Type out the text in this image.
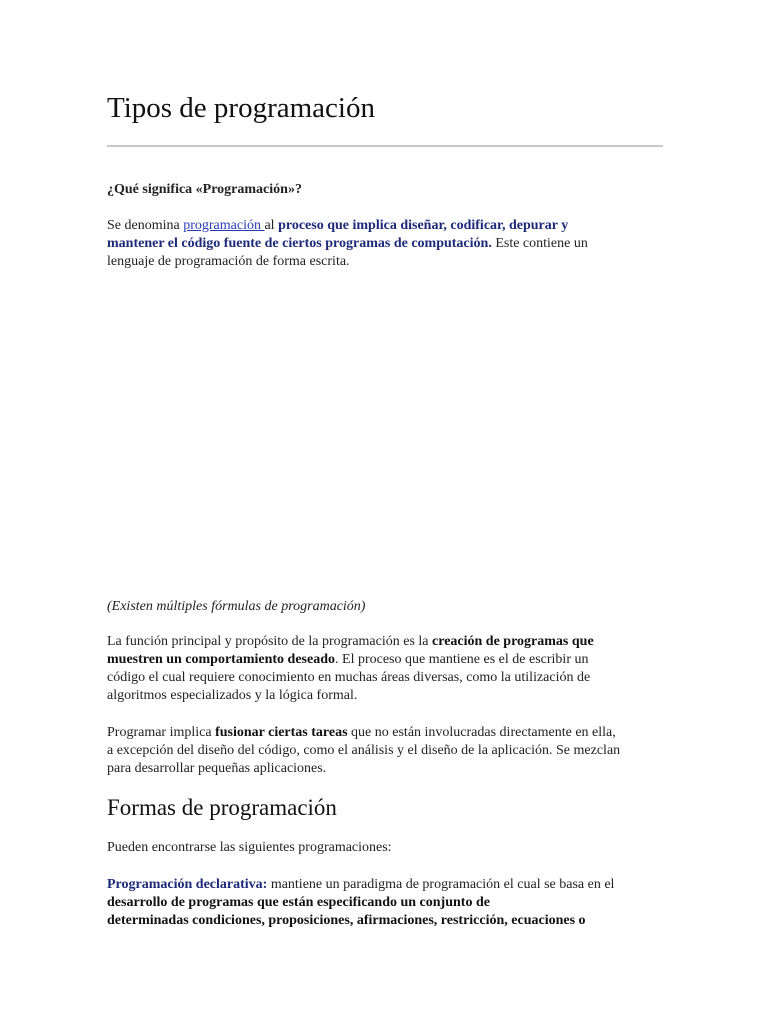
Tipos de programación

¿Qué significa «Programación»?

Se denomina programación al proceso que implica diseñar, codificar, depurar y
mantener el código fuente de ciertos programas de computación. Este contiene un
lenguaje de programación de forma escrita.

(Existen múltiples fórmulas de programación)

La función principal y propósito de la programación es la creación de programas que
muestren un comportamiento deseado. El proceso que mantiene es el de escribir un
código el cual requiere conocimiento en muchas áreas diversas, como la utilización de
algoritmos especializados y la lógica formal.

Programar implica fusionar ciertas tareas que no están involucradas directamente en ella,
a excepción del diseño del código, como el análisis y el diseño de la aplicación. Se mezclan
para desarrollar pequeñas aplicaciones.

Formas de programación

Pueden encontrarse las siguientes programaciones:

Programación declarativa: mantiene un paradigma de programación el cual se basa en el
desarrollo de programas que están especificando un conjunto de
determinadas condiciones, proposiciones, afirmaciones, restricción, ecuaciones o
